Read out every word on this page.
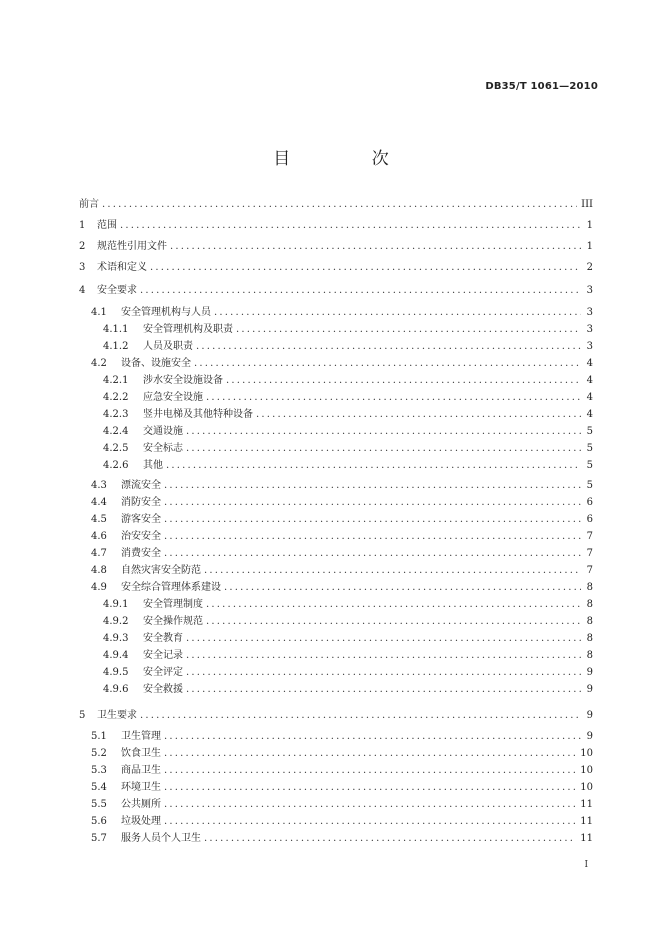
DB35/T 1061—2010
目 次
前言 .....	III
1	范围 .....	1
2	规范性引用文件 .....	1
3	术语和定义 .....	2
4	安全要求 .....	3
4.1	安全管理机构与人员 .....	3
4.1.1	安全管理机构及职责 .....	3
4.1.2	人员及职责 .....	3
4.2	设备、设施安全 .....	4
4.2.1	涉水安全设施设备 .....	4
4.2.2	应急安全设施 .....	4
4.2.3	竖井电梯及其他特种设备 .....	4
4.2.4	交通设施 .....	5
4.2.5	安全标志 .....	5
4.2.6	其他 .....	5
4.3	漂流安全 .....	5
4.4	消防安全 .....	6
4.5	游客安全 .....	6
4.6	治安安全 .....	7
4.7	消费安全 .....	7
4.8	自然灾害安全防范 .....	7
4.9	安全综合管理体系建设 .....	8
4.9.1	安全管理制度 .....	8
4.9.2	安全操作规范 .....	8
4.9.3	安全教育 .....	8
4.9.4	安全记录 .....	8
4.9.5	安全评定 .....	9
4.9.6	安全救援 .....	9
5	卫生要求 .....	9
5.1	卫生管理 .....	9
5.2	饮食卫生 .....	10
5.3	商品卫生 .....	10
5.4	环境卫生 .....	10
5.5	公共厕所 .....	11
5.6	垃圾处理 .....	11
5.7	服务人员个人卫生 .....	11
I
